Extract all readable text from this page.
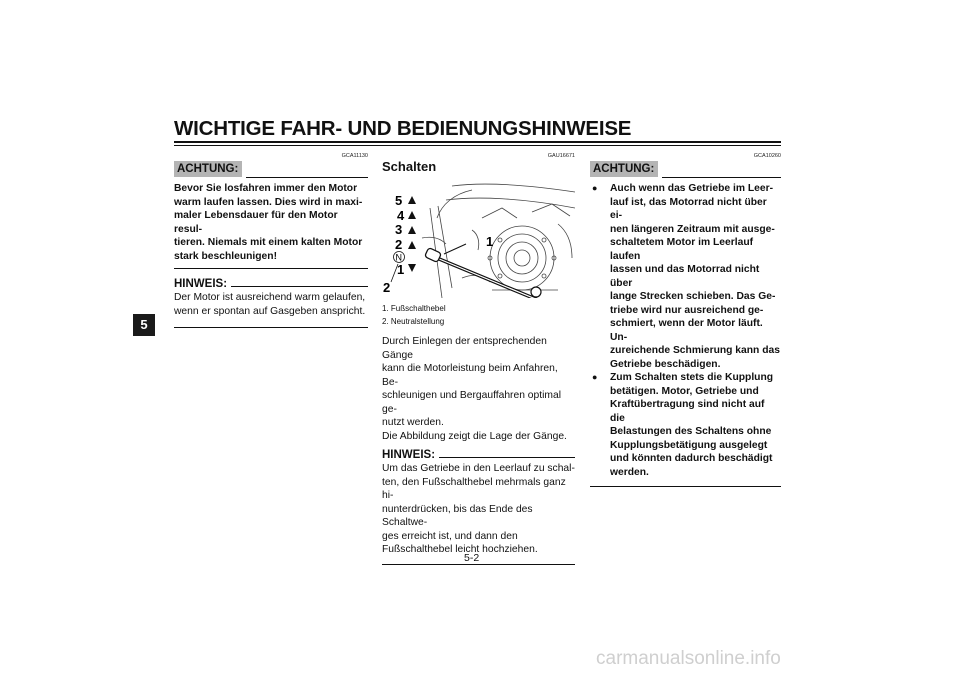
WICHTIGE FAHR- UND BEDIENUNGSHINWEISE
5
GCA11130
ACHTUNG:

Bevor Sie losfahren immer den Motor

warm laufen lassen. Dies wird in maxi-

maler Lebensdauer für den Motor resul-

tieren. Niemals mit einem kalten Motor

stark beschleunigen!

HINWEIS:

Der Motor ist ausreichend warm gelaufen,

wenn er spontan auf Gasgeben anspricht.

GAU16671
Schalten
5
4
3
2
N
1
1
2

1. Fußschalthebel

2. Neutralstellung

Durch Einlegen der entsprechenden Gänge

kann die Motorleistung beim Anfahren, Be-

schleunigen und Bergauffahren optimal ge-

nutzt werden.

Die Abbildung zeigt die Lage der Gänge.

HINWEIS:

Um das Getriebe in den Leerlauf zu schal-

ten, den Fußschalthebel mehrmals ganz hi-

nunterdrücken, bis das Ende des Schaltwe-

ges erreicht ist, und dann den

Fußschalthebel leicht hochziehen.

GCA10260
ACHTUNG:
● Auch wenn das Getriebe im Leer-

lauf ist, das Motorrad nicht über ei-

nen längeren Zeitraum mit ausge-

schaltetem Motor im Leerlauf laufen

lassen und das Motorrad nicht über

lange Strecken schieben. Das Ge-

triebe wird nur ausreichend ge-

schmiert, wenn der Motor läuft. Un-

zureichende Schmierung kann das

Getriebe beschädigen.

● Zum Schalten stets die Kupplung

betätigen. Motor, Getriebe und

Kraftübertragung sind nicht auf die

Belastungen des Schaltens ohne

Kupplungsbetätigung ausgelegt

und könnten dadurch beschädigt

werden.

5-2
carmanualsonline.info
